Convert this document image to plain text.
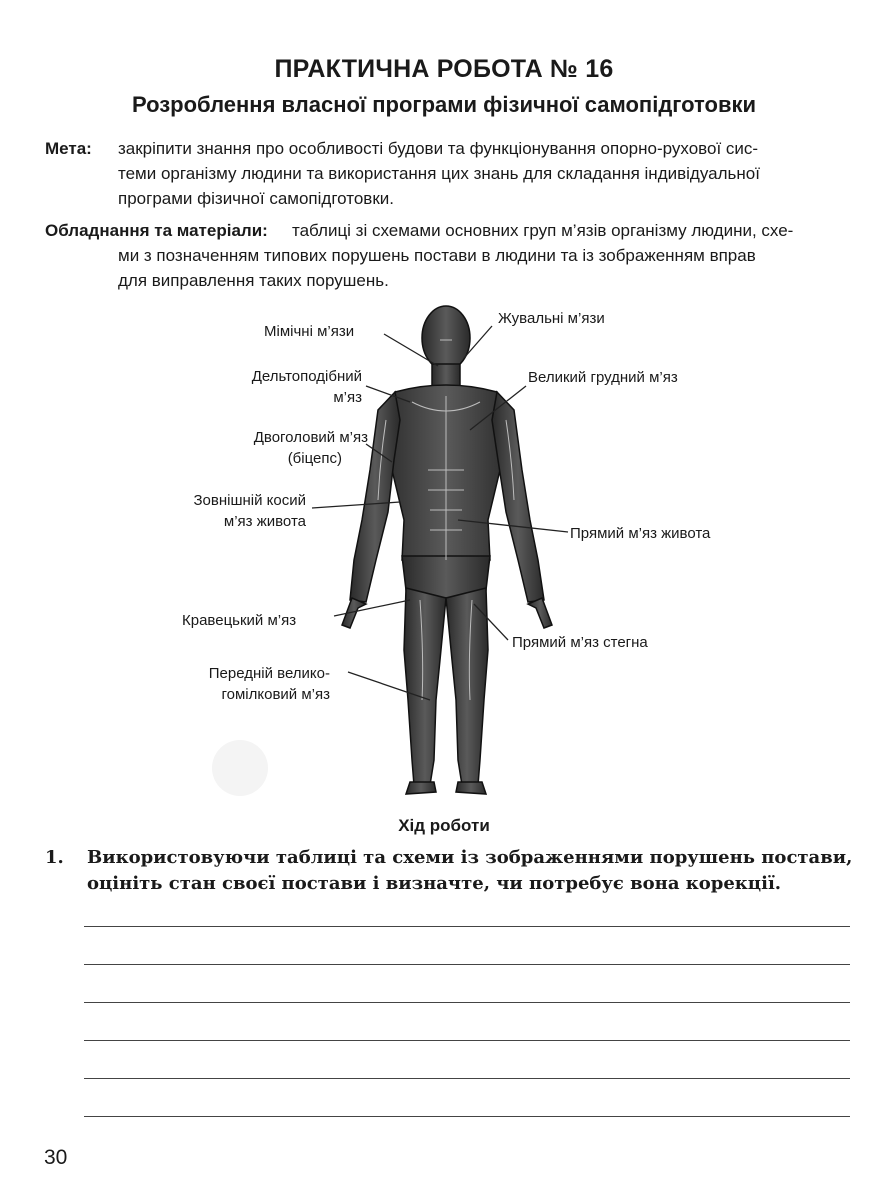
ПРАКТИЧНА РОБОТА № 16
Розроблення власної програми фізичної самопідготовки
Мета: закріпити знання про особливості будови та функціонування опорно-рухової сис-
теми організму людини та використання цих знань для складання індивідуальної
програми фізичної самопідготовки.
Обладнання та матеріали: таблиці зі схемами основних груп м’язів організму людини, схе-
ми з позначенням типових порушень постави в людини та із зображенням вправ
для виправлення таких порушень.
Мімічні м’язи
Жувальні м’язи
Дельтоподібний
м’яз
Великий грудний м’яз
Двоголовий м’яз
(біцепс)
Зовнішній косий
м’яз живота
Прямий м’яз живота
Кравецький м’яз
Прямий м’яз стегна
Передній велико-
гомілковий м’яз
Хід роботи
1. Використовуючи таблиці та схеми із зображеннями порушень постави,
оцініть стан своєї постави і визначте, чи потребує вона корекції.
30
